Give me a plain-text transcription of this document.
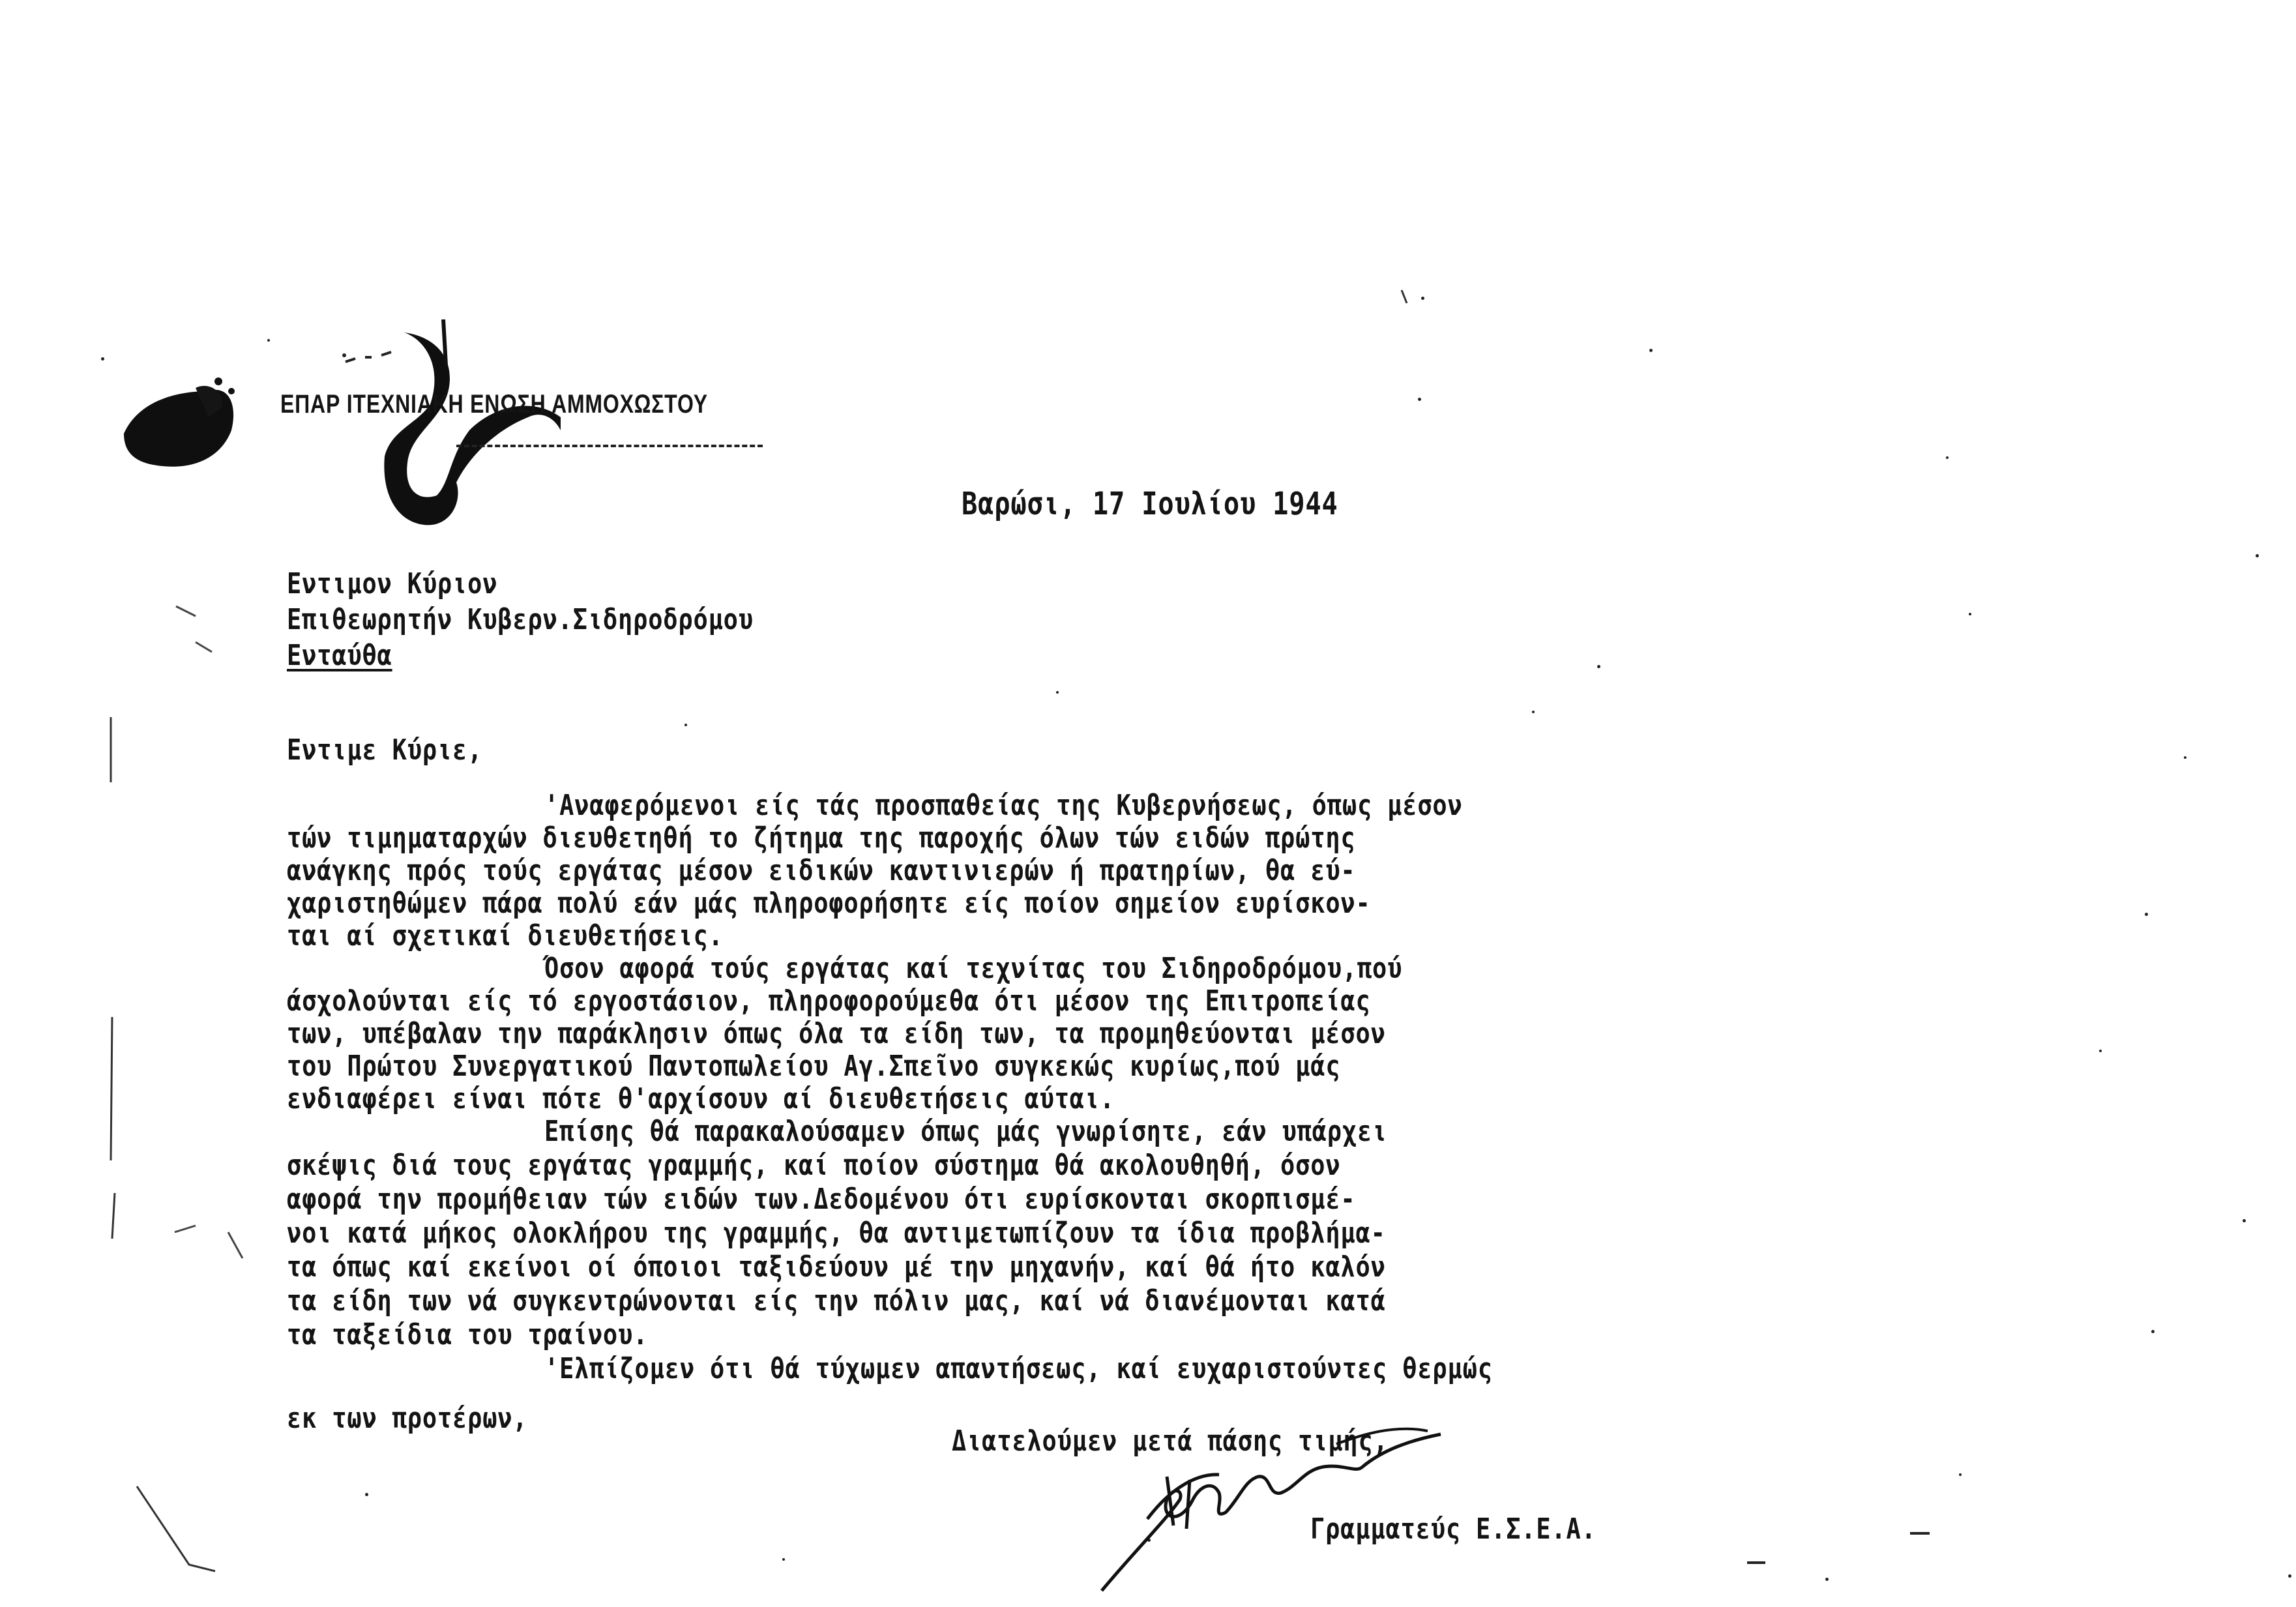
ΕΠΑΡ ΙΤΕΧΝΙΑΚΗ ΕΝΩΣΗ ΑΜΜΟΧΩΣΤΟΥ
Βαρώσι, 17 Ιουλίου 1944
Εντιμον Κύριον
Επιθεωρητήν Κυβερν.Σιδηροδρόμου
Ενταύθα
Εντιμε Κύριε,
'Αναφερόμενοι είς τάς προσπαθείας της Κυβερνήσεως, όπως μέσον
τών τιμηματαρχών διευθετηθή το ζήτημα της παροχής όλων τών ειδών πρώτης
ανάγκης πρός τούς εργάτας μέσον ειδικών καντινιερών ή πρατηρίων, θα εύ-
χαριστηθώμεν πάρα πολύ εάν μάς πληροφορήσητε είς ποίον σημείον ευρίσκον-
ται αί σχετικαί διευθετήσεις.
Όσον αφορά τούς εργάτας καί τεχνίτας του Σιδηροδρόμου,πού
άσχολούνται είς τό εργοστάσιον, πληροφορούμεθα ότι μέσον της Επιτροπείας
των, υπέβαλαν την παράκλησιν όπως όλα τα είδη των, τα προμηθεύονται μέσον
του Πρώτου Συνεργατικού Παντοπωλείου Αγ.Σπεῖνο συγκεκώς κυρίως,πού μάς
ενδιαφέρει είναι πότε θ'αρχίσουν αί διευθετήσεις αύται.
Επίσης θά παρακαλούσαμεν όπως μάς γνωρίσητε, εάν υπάρχει
σκέψις διά τους εργάτας γραμμής, καί ποίον σύστημα θά ακολουθηθή, όσον
αφορά την προμήθειαν τών ειδών των.Δεδομένου ότι ευρίσκονται σκορπισμέ-
νοι κατά μήκος ολοκλήρου της γραμμής, θα αντιμετωπίζουν τα ίδια προβλήμα-
τα όπως καί εκείνοι οί όποιοι ταξιδεύουν μέ την μηχανήν, καί θά ήτο καλόν
τα είδη των νά συγκεντρώνονται είς την πόλιν μας, καί νά διανέμονται κατά
τα ταξείδια του τραίνου.
'Ελπίζομεν ότι θά τύχωμεν απαντήσεως, καί ευχαριστούντες θερμώς
εκ των προτέρων,
Διατελούμεν μετά πάσης τιμής,
Γραμματεύς Ε.Σ.Ε.Α.
